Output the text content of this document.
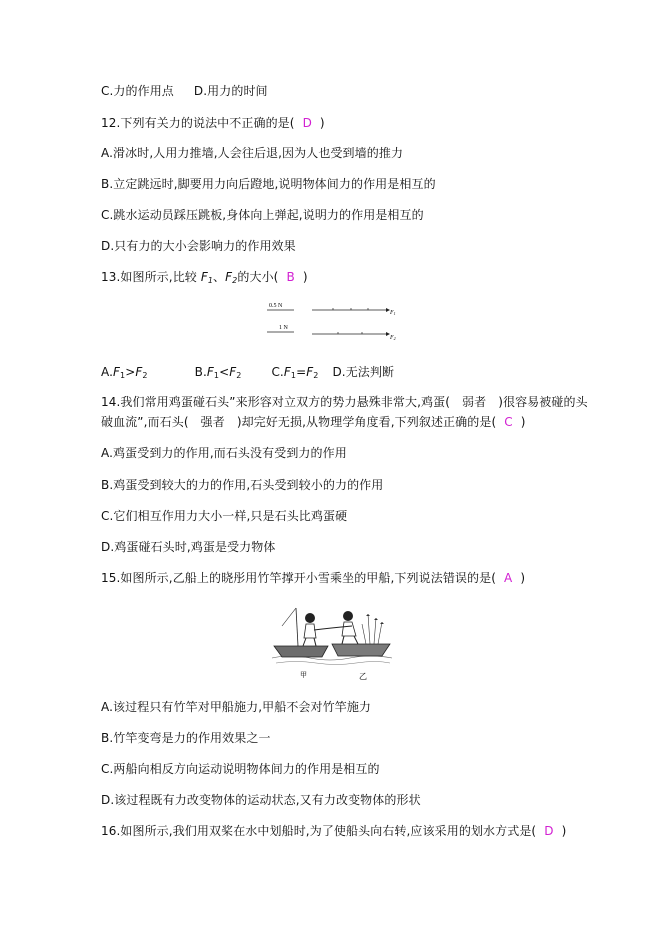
C.力的作用点 D.用力的时间
12.下列有关力的说法中不正确的是( D )
A.滑冰时,人用力推墙,人会往后退,因为人也受到墙的推力
B.立定跳远时,脚要用力向后蹬地,说明物体间力的作用是相互的
C.跳水运动员踩压跳板,身体向上弹起,说明力的作用是相互的
D.只有力的大小会影响力的作用效果
13.如图所示,比较 $F_1$、$F_2$的大小( B )
0.5 N
F1
1 N
F2
$A.F_1>F_2$	$B.F_1<F_2$	$C.F_1=F_2$ D.无法判断
14.我们常用鸡蛋碰石头”来形容对立双方的势力悬殊非常大,鸡蛋( 弱者 )很容易被碰的头
破血流”,而石头( 强者 )却完好无损,从物理学角度看,下列叙述正确的是( C )
A.鸡蛋受到力的作用,而石头没有受到力的作用
B.鸡蛋受到较大的力的作用,石头受到较小的力的作用
C.它们相互作用力大小一样,只是石头比鸡蛋硬
D.鸡蛋碰石头时,鸡蛋是受力物体
15.如图所示,乙船上的晓彤用竹竿撑开小雪乘坐的甲船,下列说法错误的是( A )
甲	乙
A.该过程只有竹竿对甲船施力,甲船不会对竹竿施力
B.竹竿变弯是力的作用效果之一
C.两船向相反方向运动说明物体间力的作用是相互的
D.该过程既有力改变物体的运动状态,又有力改变物体的形状
16.如图所示,我们用双桨在水中划船时,为了使船头向右转,应该采用的划水方式是( D )
